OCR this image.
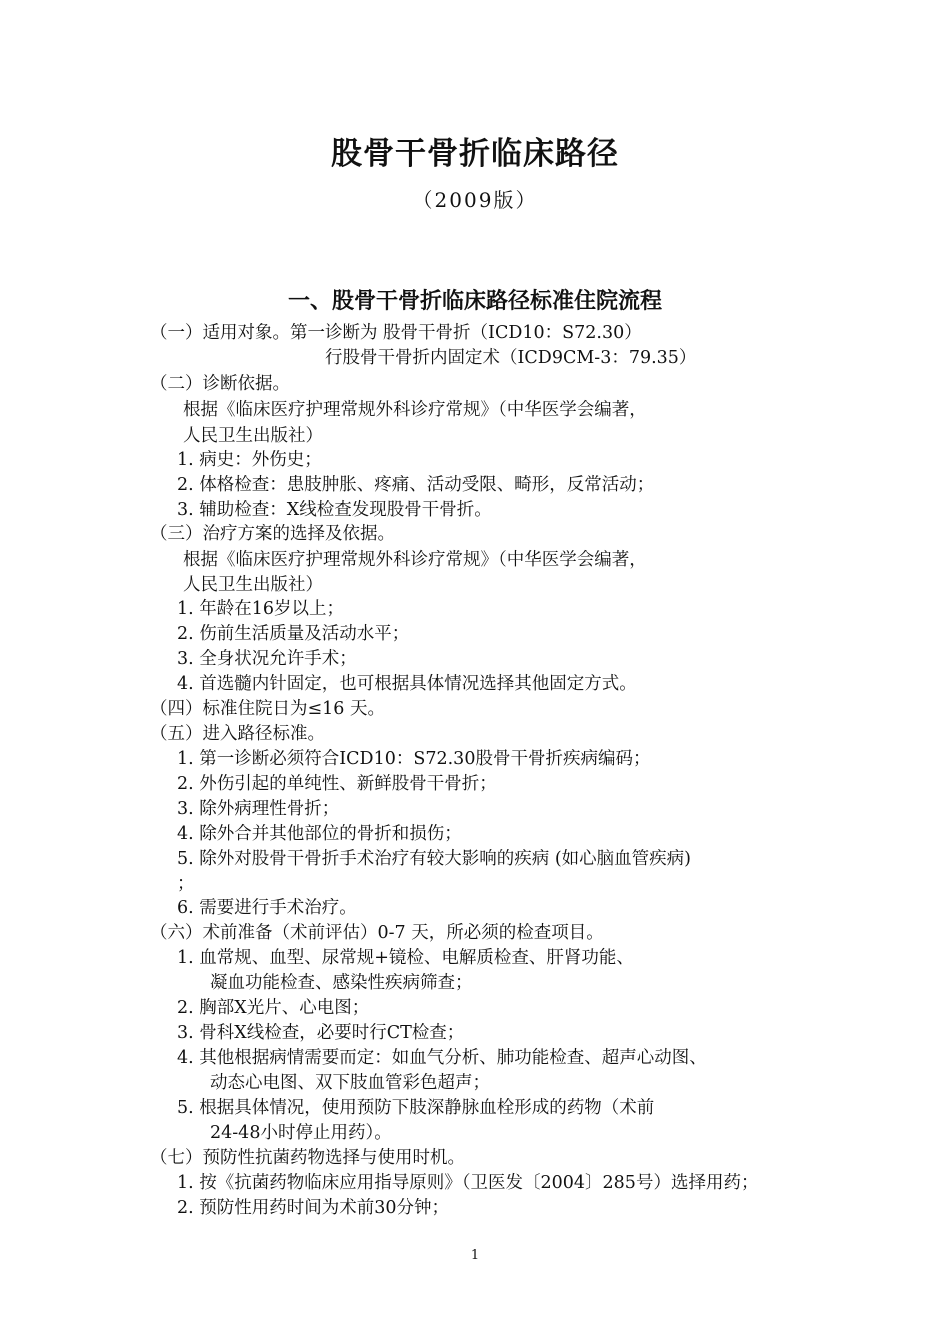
股骨干骨折临床路径
（2009版）
一、股骨干骨折临床路径标准住院流程
（一）适用对象。第一诊断为 股骨干骨折（ICD10：S72.30）
行股骨干骨折内固定术（ICD9CM-3：79.35）
（二）诊断依据。
根据《临床医疗护理常规外科诊疗常规》（中华医学会编著，
人民卫生出版社）
1. 病史：外伤史；
2. 体格检查：患肢肿胀、疼痛、活动受限、畸形，反常活动；
3. 辅助检查：X线检查发现股骨干骨折。
（三）治疗方案的选择及依据。
根据《临床医疗护理常规外科诊疗常规》（中华医学会编著，
人民卫生出版社）
1. 年龄在16岁以上；
2. 伤前生活质量及活动水平；
3. 全身状况允许手术；
4. 首选髓内针固定，也可根据具体情况选择其他固定方式。
（四）标准住院日为≤16 天。
（五）进入路径标准。
1. 第一诊断必须符合ICD10：S72.30股骨干骨折疾病编码；
2. 外伤引起的单纯性、新鲜股骨干骨折；
3. 除外病理性骨折；
4. 除外合并其他部位的骨折和损伤；
5. 除外对股骨干骨折手术治疗有较大影响的疾病 (如心脑血管疾病)
；
6. 需要进行手术治疗。
（六）术前准备（术前评估）0-7 天，所必须的检查项目。
1. 血常规、血型、尿常规+镜检、电解质检查、肝肾功能、
凝血功能检查、感染性疾病筛查；
2. 胸部X光片、心电图；
3. 骨科X线检查，必要时行CT检查；
4. 其他根据病情需要而定：如血气分析、肺功能检查、超声心动图、
动态心电图、双下肢血管彩色超声；
5. 根据具体情况，使用预防下肢深静脉血栓形成的药物（术前
24-48小时停止用药）。
（七）预防性抗菌药物选择与使用时机。
1. 按《抗菌药物临床应用指导原则》（卫医发〔2004〕285号）选择用药；
2. 预防性用药时间为术前30分钟；
1
